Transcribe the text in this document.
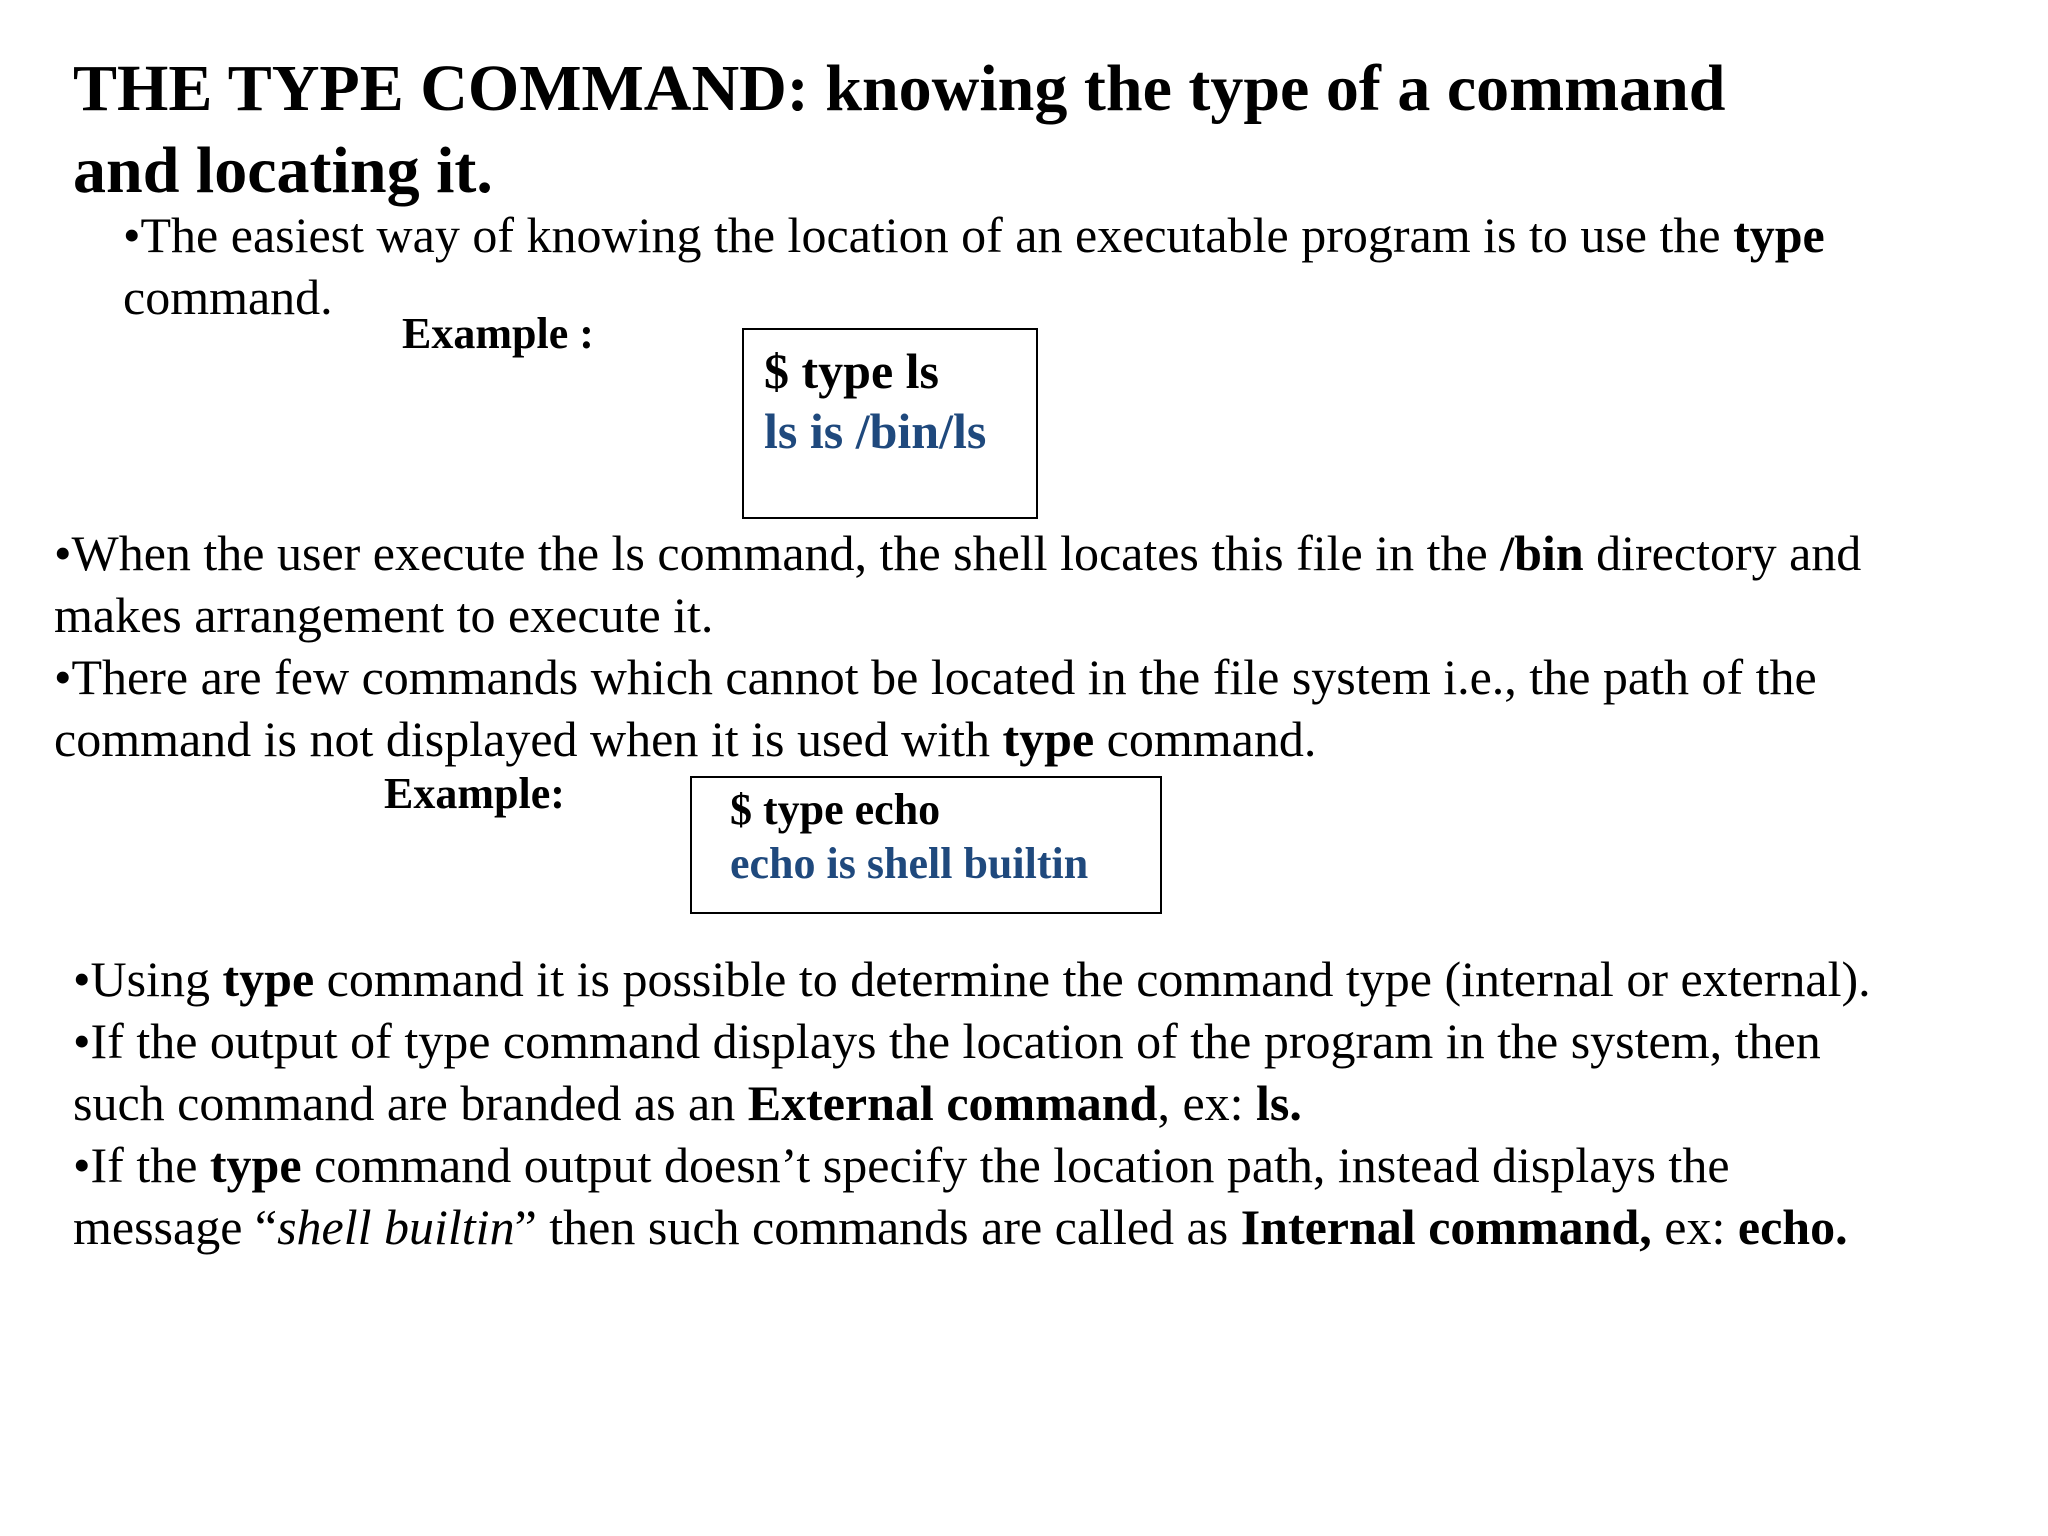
THE TYPE COMMAND: knowing the type of a command
and locating it.
•The easiest way of knowing the location of an executable program is to use the type
command.
Example :
$ type ls
ls is /bin/ls
•When the user execute the ls command, the shell locates this file in the /bin directory and
makes arrangement to execute it.
•There are few commands which cannot be located in the file system i.e., the path of the
command is not displayed when it is used with type command.
Example:	$ type echo
echo is shell builtin
•Using type command it is possible to determine the command type (internal or external).
•If the output of type command displays the location of the program in the system, then
such command are branded as an External command, ex: ls.
•If the type command output doesn’t specify the location path, instead displays the
message “shell builtin” then such commands are called as Internal command, ex: echo.
